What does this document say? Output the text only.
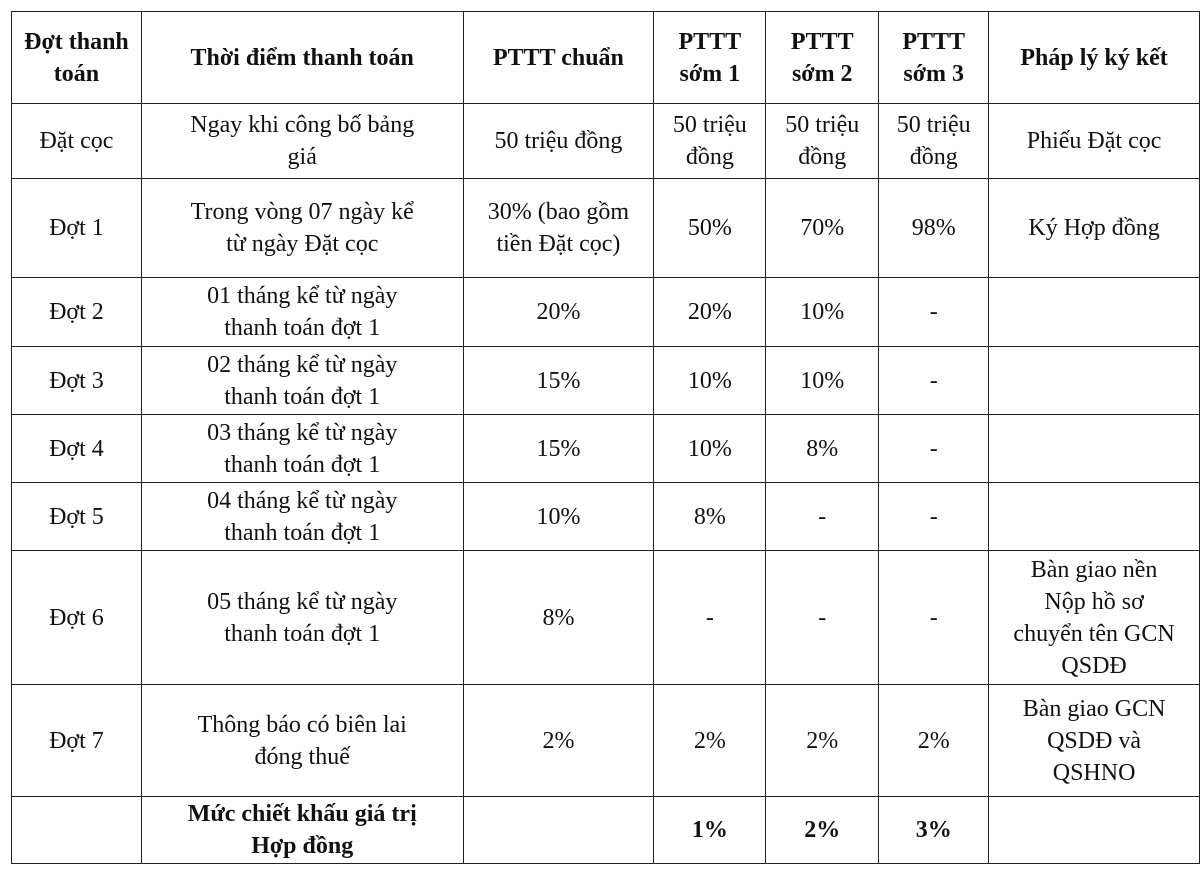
Đợt thanh
toán	Thời điểm thanh toán	PTTT chuẩn	PTTT
sớm 1	PTTT
sớm 2	PTTT
sớm 3	Pháp lý ký kết

Đặt cọc	Ngay khi công bố bảng
giá	50 triệu đồng	50 triệu
đồng	50 triệu
đồng	50 triệu
đồng	Phiếu Đặt cọc

Đợt 1	Trong vòng 07 ngày kể
từ ngày Đặt cọc	30% (bao gồm
tiền Đặt cọc)	50%	70%	98%	Ký Hợp đồng

Đợt 2	01 tháng kể từ ngày
thanh toán đợt 1	20%	20%	10%	-	

Đợt 3	02 tháng kể từ ngày
thanh toán đợt 1	15%	10%	10%	-	

Đợt 4	03 tháng kể từ ngày
thanh toán đợt 1	15%	10%	8%	-	

Đợt 5	04 tháng kể từ ngày
thanh toán đợt 1	10%	8%	-	-	

Đợt 6	05 tháng kể từ ngày
thanh toán đợt 1	8%	-	-	-	Bàn giao nền
Nộp hồ sơ
chuyển tên GCN
QSDĐ

Đợt 7	Thông báo có biên lai
đóng thuế	2%	2%	2%	2%	Bàn giao GCN
QSDĐ và
QSHNO

	Mức chiết khấu giá trị
Hợp đồng		1%	2%	3%	
